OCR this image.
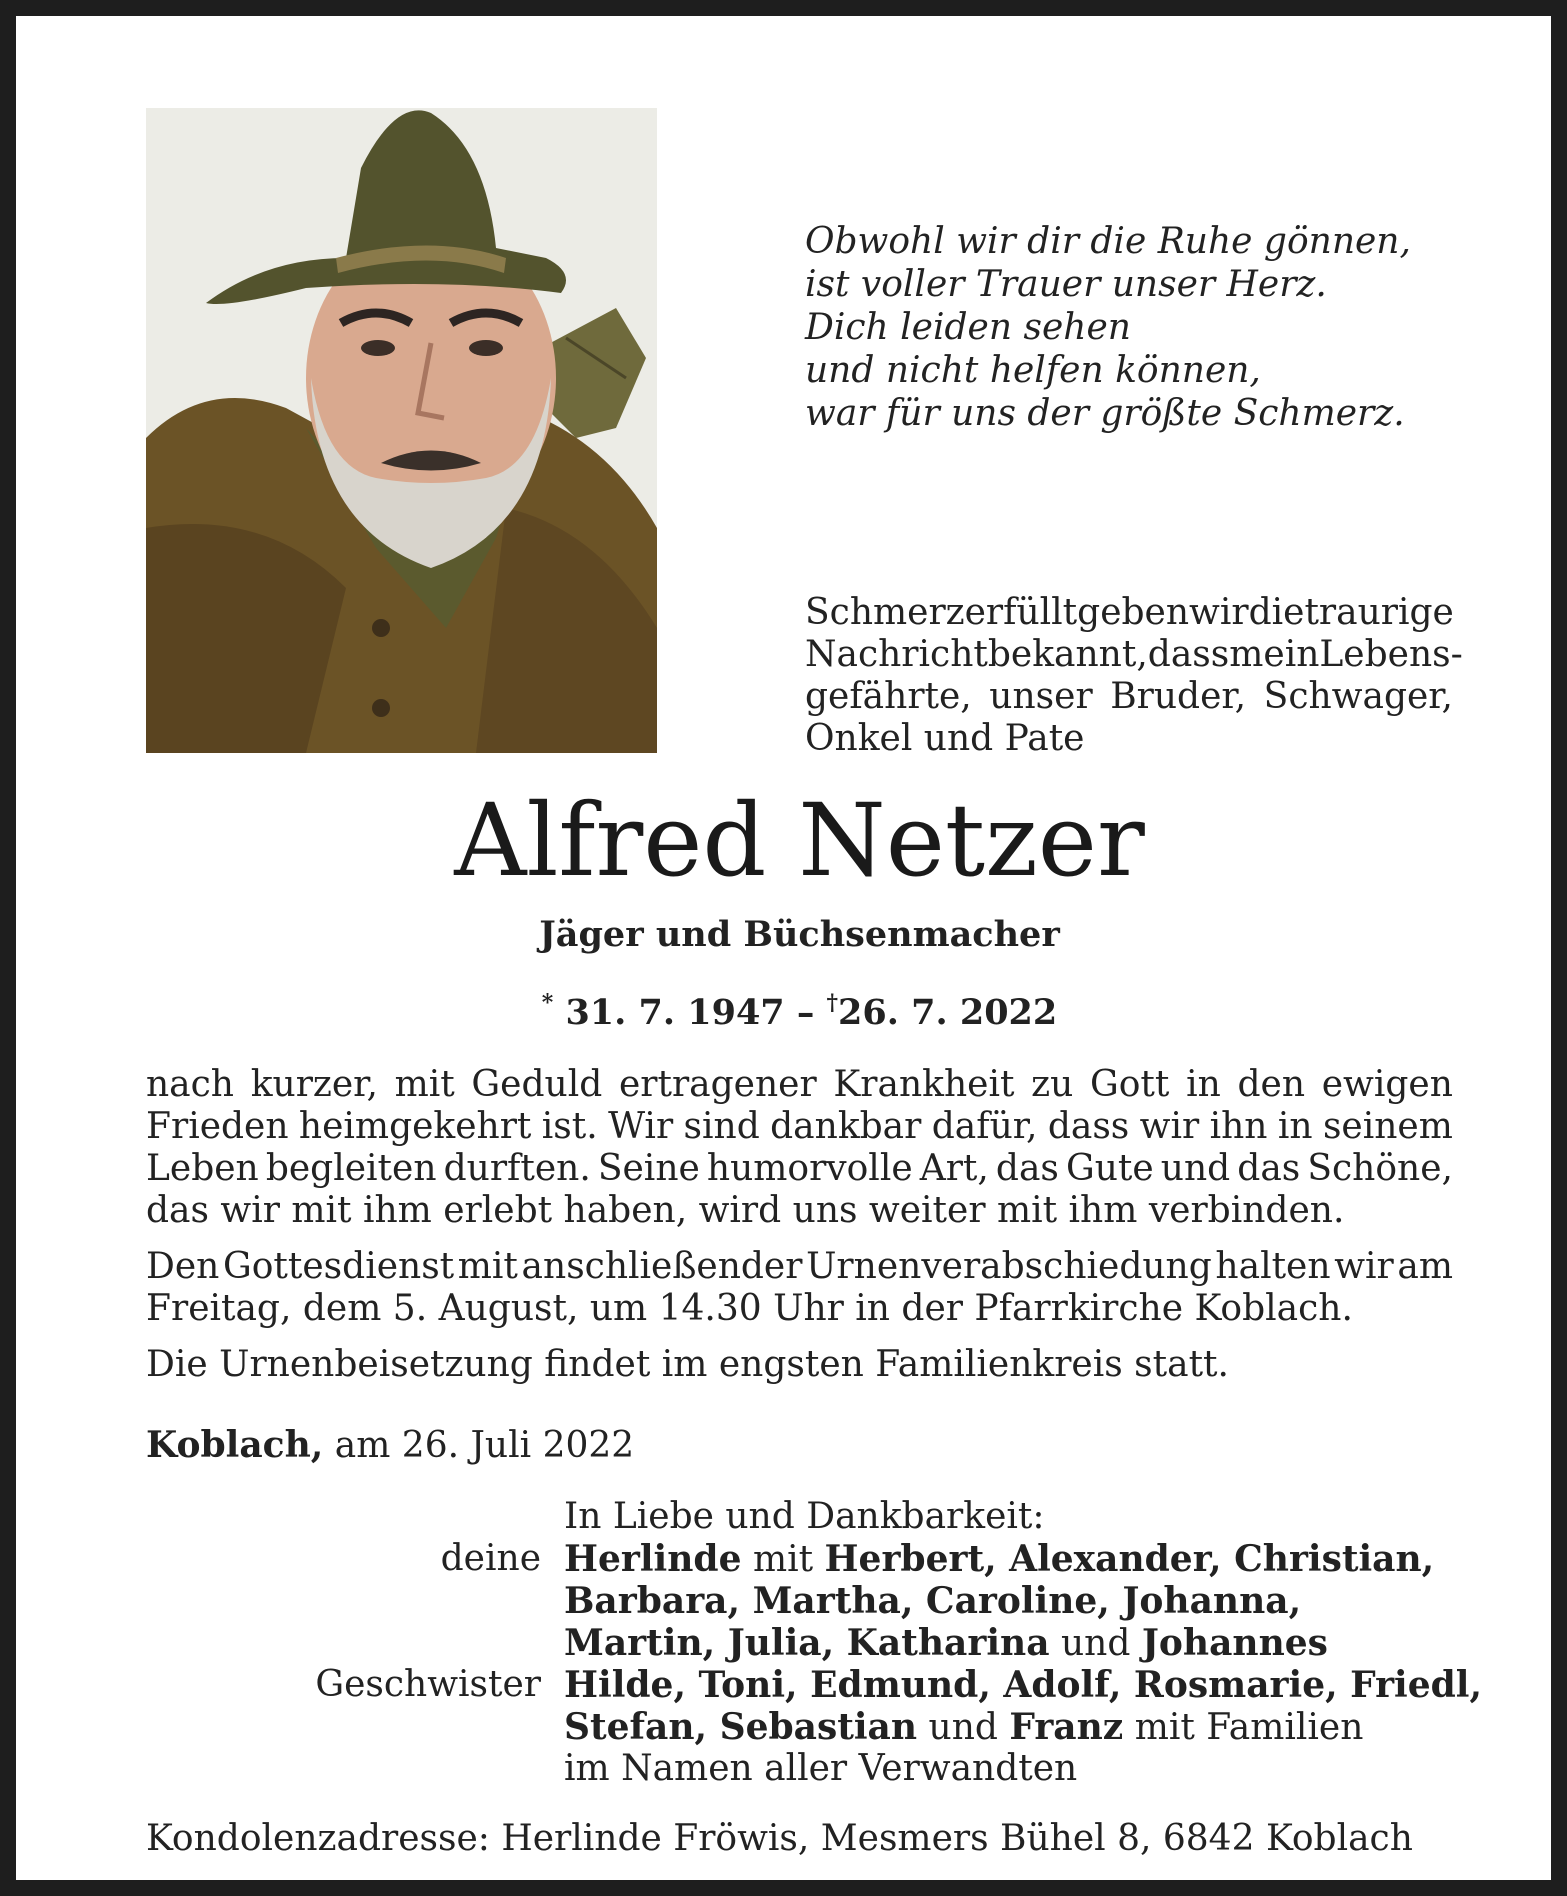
Obwohl wir dir die Ruhe gönnen,
ist voller Trauer unser Herz.
Dich leiden sehen
und nicht helfen können,
war für uns der größte Schmerz.
Schmerzerfüllt geben wir die traurige
Nachricht bekannt, dass mein Lebens-
gefährte, unser Bruder, Schwager,
Onkel und Pate
Alfred Netzer
Jäger und Büchsenmacher
* 31. 7. 1947 – †26. 7. 2022
nach kurzer, mit Geduld ertragener Krankheit zu Gott in den ewigen
Frieden heimgekehrt ist. Wir sind dankbar dafür, dass wir ihn in seinem
Leben begleiten durften. Seine humorvolle Art, das Gute und das Schöne,
das wir mit ihm erlebt haben, wird uns weiter mit ihm verbinden.
Den Gottesdienst mit anschließender Urnenverabschiedung halten wir am
Freitag, dem 5. August, um 14.30 Uhr in der Pfarrkirche Koblach.
Die Urnenbeisetzung findet im engsten Familienkreis statt.
Koblach, am 26. Juli 2022
In Liebe und Dankbarkeit:
deine Herlinde mit Herbert, Alexander, Christian,
Barbara, Martha, Caroline, Johanna,
Martin, Julia, Katharina und Johannes
Geschwister Hilde, Toni, Edmund, Adolf, Rosmarie, Friedl,
Stefan, Sebastian und Franz mit Familien
im Namen aller Verwandten
Kondolenzadresse: Herlinde Fröwis, Mesmers Bühel 8, 6842 Koblach
